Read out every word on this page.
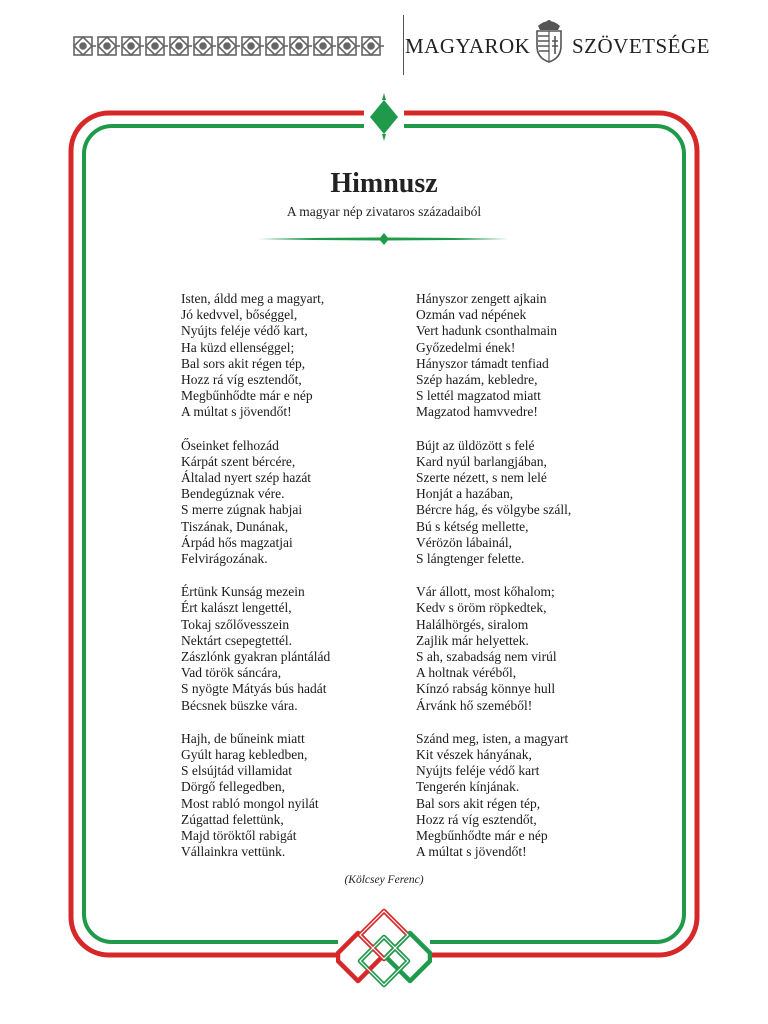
MAGYAROK SZÖVETSÉGE
Himnusz
A magyar nép zivataros századaiból
Isten, áldd meg a magyart,
Jó kedvvel, bőséggel,
Nyújts feléje védő kart,
Ha küzd ellenséggel;
Bal sors akit régen tép,
Hozz rá víg esztendőt,
Megbűnhődte már e nép
A múltat s jövendőt!
Őseinket felhozád
Kárpát szent bércére,
Általad nyert szép hazát
Bendegúznak vére.
S merre zúgnak habjai
Tiszának, Dunának,
Árpád hős magzatjai
Felvirágozának.
Értünk Kunság mezein
Ért kalászt lengettél,
Tokaj szőlővesszein
Nektárt csepegtettél.
Zászlónk gyakran plántálád
Vad török sáncára,
S nyögte Mátyás bús hadát
Bécsnek büszke vára.
Hajh, de bűneink miatt
Gyúlt harag kebledben,
S elsújtád villamidat
Dörgő fellegedben,
Most rabló mongol nyilát
Zúgattad felettünk,
Majd töröktől rabigát
Vállainkra vettünk.
Hányszor zengett ajkain
Ozmán vad népének
Vert hadunk csonthalmain
Győzedelmi ének!
Hányszor támadt tenfiad
Szép hazám, kebledre,
S lettél magzatod miatt
Magzatod hamvvedre!
Bújt az üldözött s felé
Kard nyúl barlangjában,
Szerte nézett, s nem lelé
Honját a hazában,
Bércre hág, és völgybe száll,
Bú s kétség mellette,
Vérözön lábainál,
S lángtenger felette.
Vár állott, most kőhalom;
Kedv s öröm röpkedtek,
Halálhörgés, siralom
Zajlik már helyettek.
S ah, szabadság nem virúl
A holtnak véréből,
Kínzó rabság könnye hull
Árvánk hő szeméből!
Szánd meg, isten, a magyart
Kit vészek hányának,
Nyújts feléje védő kart
Tengerén kínjának.
Bal sors akit régen tép,
Hozz rá víg esztendőt,
Megbűnhődte már e nép
A múltat s jövendőt!
(Kölcsey Ferenc)
